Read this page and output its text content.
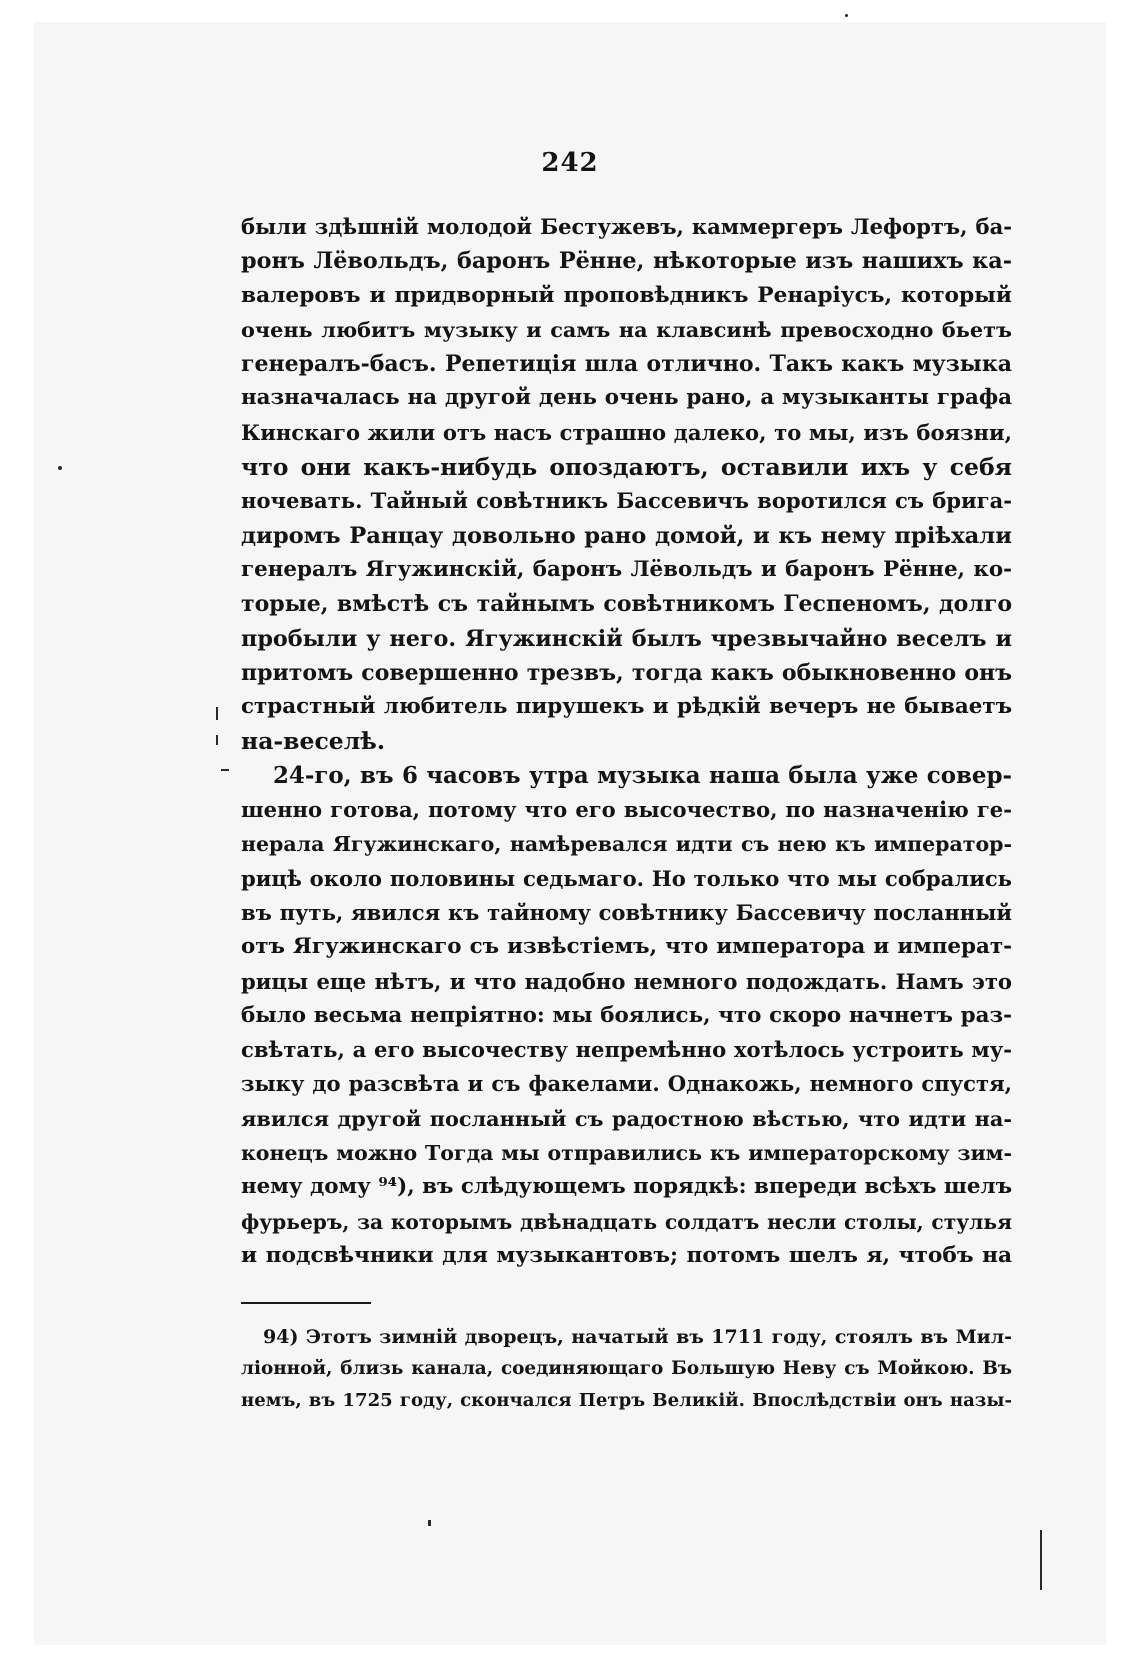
242
были здѣшній молодой Бестужевъ, каммергеръ Лефортъ, ба-
ронъ Лёвольдъ, баронъ Рённе, нѣкоторые изъ нашихъ ка-
валеровъ и придворный проповѣдникъ Ренаріусъ, который
очень любитъ музыку и самъ на клавсинѣ превосходно бьетъ
генералъ-басъ. Репетиція шла отлично. Такъ какъ музыка
назначалась на другой день очень рано, а музыканты графа
Кинскаго жили отъ насъ страшно далеко, то мы, изъ боязни,
что они какъ-нибудь опоздаютъ, оставили ихъ у себя
ночевать. Тайный совѣтникъ Бассевичъ воротился съ брига-
диромъ Ранцау довольно рано домой, и къ нему пріѣхали
генералъ Ягужинскій, баронъ Лёвольдъ и баронъ Рённе, ко-
торые, вмѣстѣ съ тайнымъ совѣтникомъ Геспеномъ, долго
пробыли у него. Ягужинскій былъ чрезвычайно веселъ и
притомъ совершенно трезвъ, тогда какъ обыкновенно онъ
страстный любитель пирушекъ и рѣдкій вечеръ не бываетъ
на-веселѣ.
24-го, въ 6 часовъ утра музыка наша была уже совер-
шенно готова, потому что его высочество, по назначенію ге-
нерала Ягужинскаго, намѣревался идти съ нею къ император-
рицѣ около половины седьмаго. Но только что мы собрались
въ путь, явился къ тайному совѣтнику Бассевичу посланный
отъ Ягужинскаго съ извѣстіемъ, что императора и императ-
рицы еще нѣтъ, и что надобно немного подождать. Намъ это
было весьма непріятно: мы боялись, что скоро начнетъ раз-
свѣтать, а его высочеству непремѣнно хотѣлось устроить му-
зыку до разсвѣта и съ факелами. Однакожь, немного спустя,
явился другой посланный съ радостною вѣстью, что идти на-
конецъ можно Тогда мы отправились къ императорскому зим-
нему дому ⁹⁴), въ слѣдующемъ порядкѣ: впереди всѣхъ шелъ
фурьеръ, за которымъ двѣнадцать солдатъ несли столы, стулья
и подсвѣчники для музыкантовъ; потомъ шелъ я, чтобъ на
94) Этотъ зимній дворецъ, начатый въ 1711 году, стоялъ въ Мил-
ліонной, близь канала, соединяющаго Большую Неву съ Мойкою. Въ
немъ, въ 1725 году, скончался Петръ Великій. Впослѣдствіи онъ назы-
